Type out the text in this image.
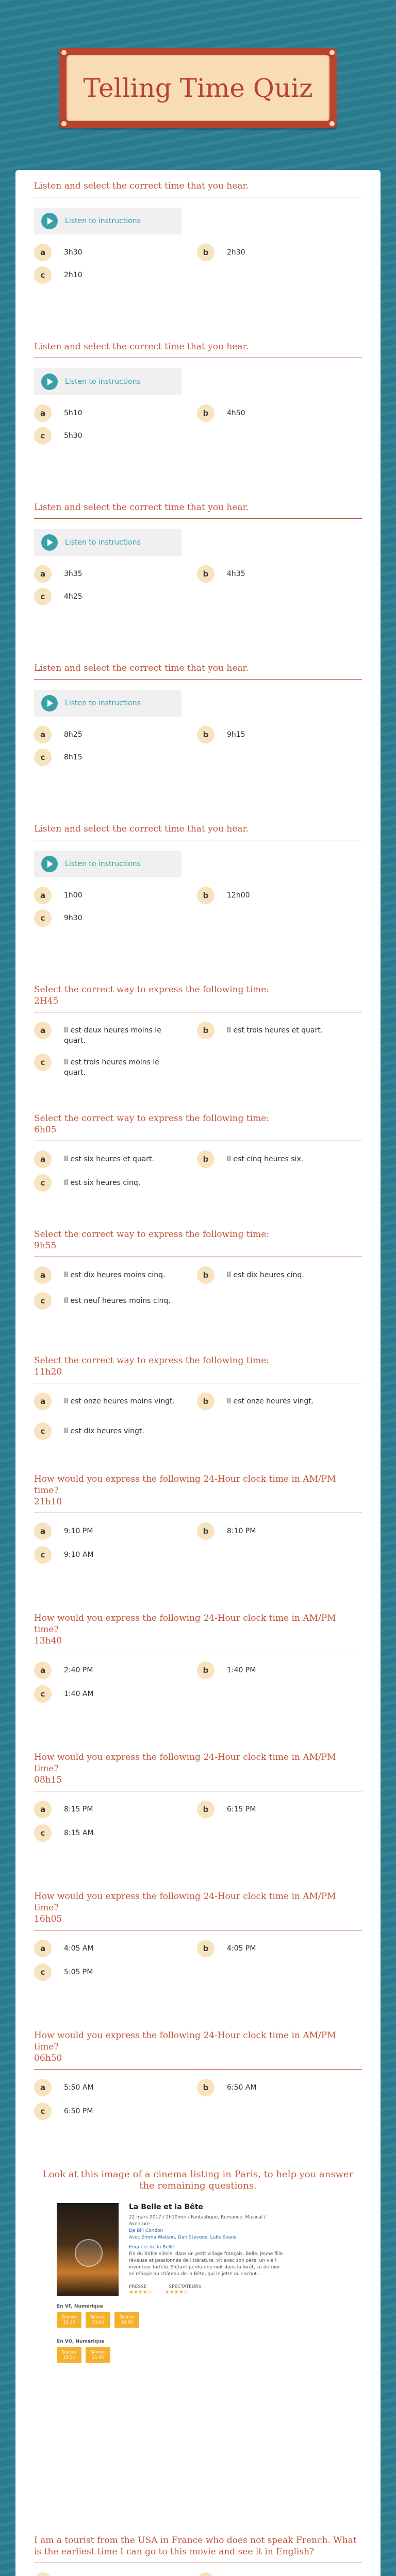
Telling Time Quiz
Listen and select the correct time that you hear.
Listen to instructions
a	3h30	b	2h30
c	2h10
Listen and select the correct time that you hear.
Listen to instructions
a	5h10	b	4h50
c	5h30
Listen and select the correct time that you hear.
Listen to instructions
a	3h35	b	4h35
c	4h25
Listen and select the correct time that you hear.
Listen to instructions
a	8h25	b	9h15
c	8h15
Listen and select the correct time that you hear.
Listen to instructions
a	1h00	b	12h00
c	9h30
Select the correct way to express the following time:
2H45
a	Il est deux heures moins le quart.
b	Il est trois heures et quart.
c	Il est trois heures moins le quart.
Select the correct way to express the following time:
6h05
a	Il est six heures et quart.	b	Il est cinq heures six.
c	Il est six heures cinq.
Select the correct way to express the following time:
9h55
a	Il est dix heures moins cinq.	b	Il est dix heures cinq.
c	Il est neuf heures moins cinq.
Select the correct way to express the following time:
11h20
a	Il est onze heures moins vingt.	b	Il est onze heures vingt.
c	Il est dix heures vingt.
How would you express the following 24-Hour clock time in AM/PM time?
21h10
a	9:10 PM	b	8:10 PM
c	9:10 AM
How would you express the following 24-Hour clock time in AM/PM time?
13h40
a	2:40 PM	b	1:40 PM
c	1:40 AM
How would you express the following 24-Hour clock time in AM/PM time?
08h15
a	8:15 PM	b	6:15 PM
c	8:15 AM
How would you express the following 24-Hour clock time in AM/PM time?
16h05
a	4:05 AM	b	4:05 PM
c	5:05 PM
How would you express the following 24-Hour clock time in AM/PM time?
06h50
a	5:50 AM	b	6:50 AM
c	6:50 PM
Look at this image of a cinema listing in Paris, to help you answer the remaining questions.
La Belle et la Bête
22 mars 2017 / 2h10min / Fantastique, Romance, Musical / Aventure
De Bill Condon
Avec Emma Watson, Dan Stevens, Luke Evans
Enquête de la Belle
Fin du XVIIIe siècle, dans un petit village français. Belle, jeune fille rêveuse et passionnée de littérature, vit avec son père, un vieil inventeur farfelu. S'étant perdu une nuit dans la forêt, ce dernier se réfugie au château de la Bête, qui le jette au cachot...
PRESSE	SPECTATEURS
★★★★☆ ★★★★☆
En VF, Numérique
Séance 10:15
Séance 13:00
Séance 19:50
En VO, Numérique
Séance 18:15
Séance 21:45
I am a tourist from the USA in France who does not speak French. What is the earliest time I can go to this movie and see it in English?
